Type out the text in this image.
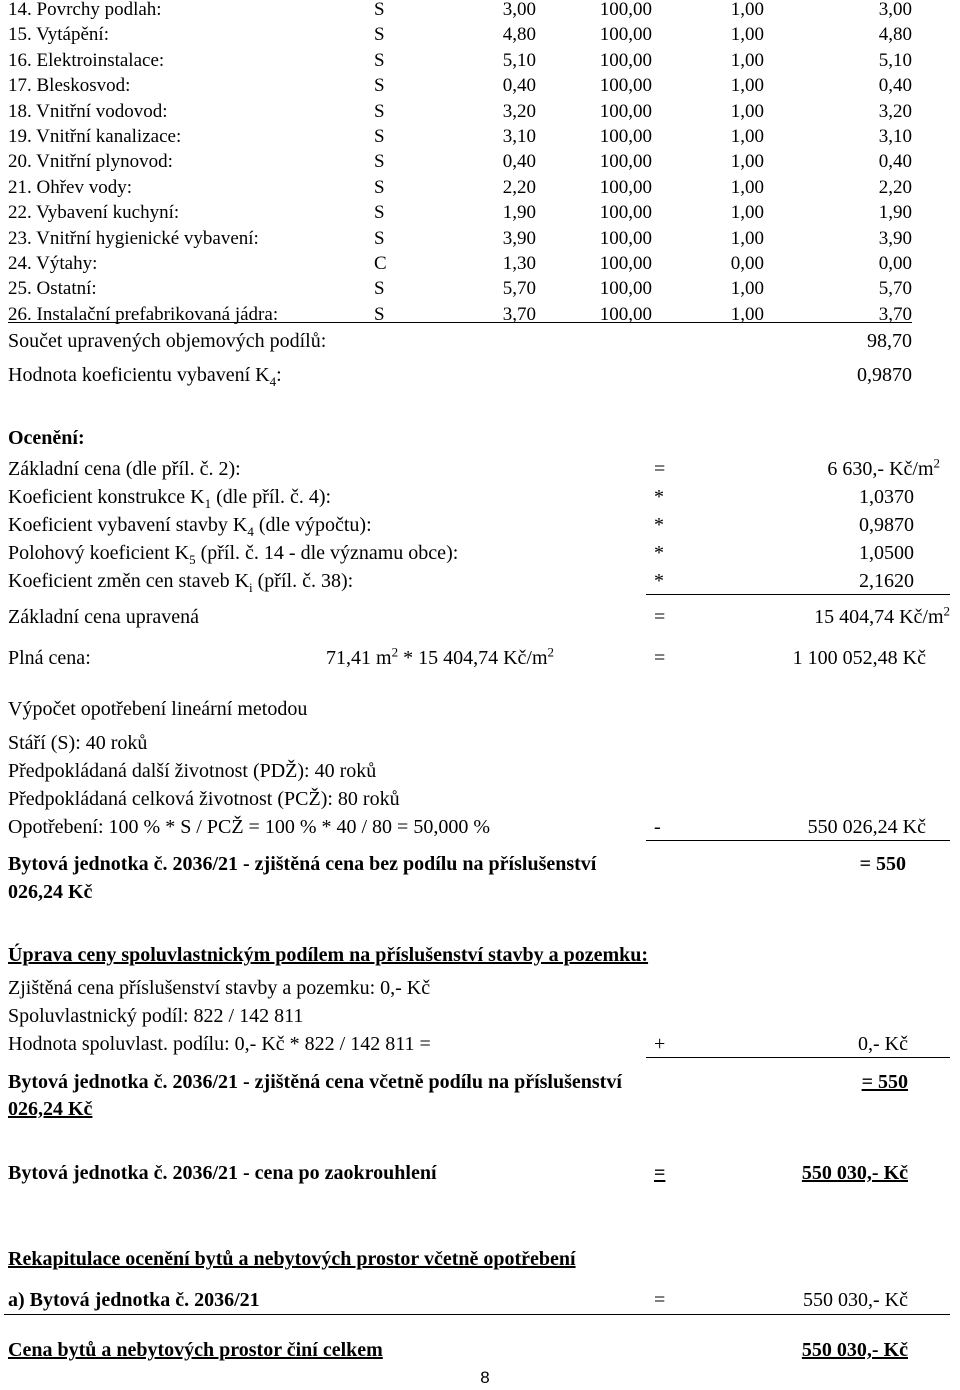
14. Povrchy podlah:	S	3,00	100,00	1,00	3,00
15. Vytápění:	S	4,80	100,00	1,00	4,80
16. Elektroinstalace:	S	5,10	100,00	1,00	5,10
17. Bleskosvod:	S	0,40	100,00	1,00	0,40
18. Vnitřní vodovod:	S	3,20	100,00	1,00	3,20
19. Vnitřní kanalizace:	S	3,10	100,00	1,00	3,10
20. Vnitřní plynovod:	S	0,40	100,00	1,00	0,40
21. Ohřev vody:	S	2,20	100,00	1,00	2,20
22. Vybavení kuchyní:	S	1,90	100,00	1,00	1,90
23. Vnitřní hygienické vybavení:	S	3,90	100,00	1,00	3,90
24. Výtahy:	C	1,30	100,00	0,00	0,00
25. Ostatní:	S	5,70	100,00	1,00	5,70
26. Instalační prefabrikovaná jádra:	S	3,70	100,00	1,00	3,70
Součet upravených objemových podílů:	98,70
Hodnota koeficientu vybavení $K_4$:	0,9870
Ocenění:
Základní cena (dle příl. č. 2):	=	6 630,- $Kč/m^2$
Koeficient konstrukce $K_1$ (dle příl. č. 4):	*	1,0370
Koeficient vybavení stavby $K_4$ (dle výpočtu):	*	0,9870
Polohový koeficient $K_5$ (příl. č. 14 - dle významu obce):	*	1,0500
Koeficient změn cen staveb $K_i$ (příl. č. 38):	*	2,1620
Základní cena upravená	=	15 404,74 $Kč/m^2$
Plná cena:	71,41 $m^2 * 15$ 404,74 $Kč/m^2$	=	1 100 052,48 Kč
Výpočet opotřebení lineární metodou
Stáří (S): 40 roků
Předpokládaná další životnost (PDŽ): 40 roků
Předpokládaná celková životnost (PCŽ): 80 roků
Opotřebení: 100 % * S / PCŽ = 100 % * 40 / 80 = 50,000 %	-	550 026,24 Kč
Bytová jednotka č. 2036/21 - zjištěná cena bez podílu na příslušenství	= 550
026,24 Kč
Úprava ceny spoluvlastnickým podílem na příslušenství stavby a pozemku:
Zjištěná cena příslušenství stavby a pozemku: 0,- Kč
Spoluvlastnický podíl: 822 / 142 811
Hodnota spoluvlast. podílu: 0,- Kč * 822 / 142 811 =	+	0,- Kč
Bytová jednotka č. 2036/21 - zjištěná cena včetně podílu na příslušenství	= 550
026,24 Kč
Bytová jednotka č. 2036/21 - cena po zaokrouhlení	=	550 030,- Kč
Rekapitulace ocenění bytů a nebytových prostor včetně opotřebení
a) Bytová jednotka č. 2036/21	=	550 030,- Kč
Cena bytů a nebytových prostor činí celkem	550 030,- Kč
8
